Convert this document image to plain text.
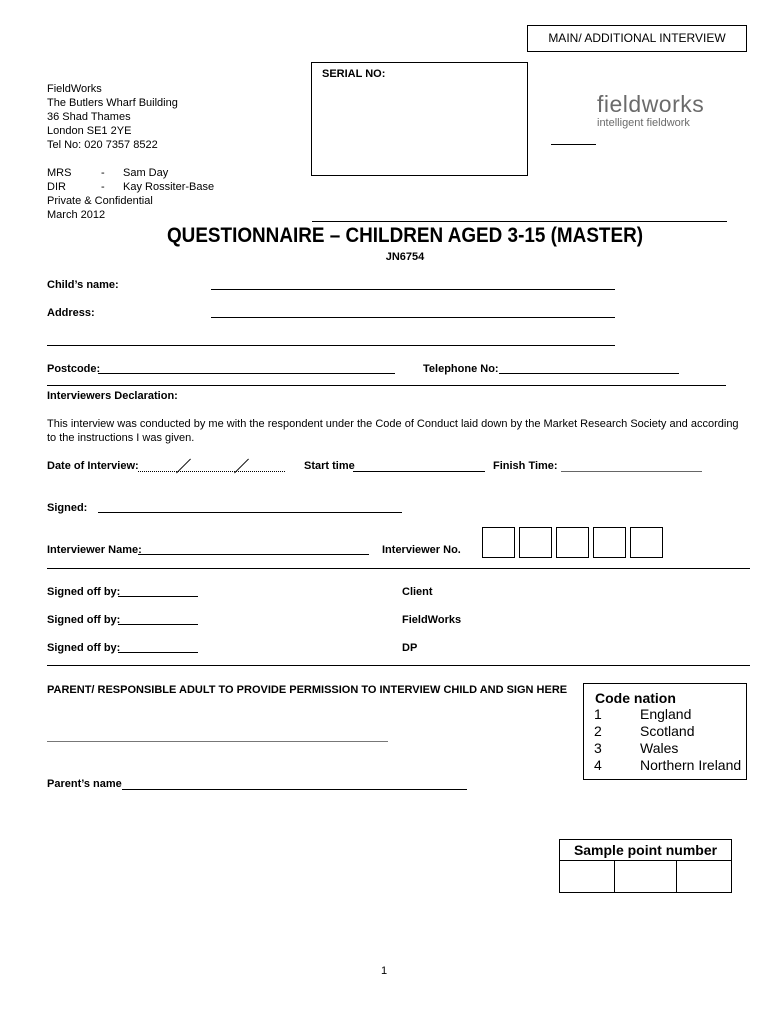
MAIN/ ADDITIONAL INTERVIEW
FieldWorks
The Butlers Wharf Building
36 Shad Thames
London SE1 2YE
Tel No: 020 7357 8522
MRS	- Sam Day
DIR	- Kay Rossiter-Base
Private & Confidential
March 2012
SERIAL NO:
fieldworks
intelligent fieldwork
QUESTIONNAIRE – CHILDREN AGED 3-15 (MASTER)
JN6754
Child’s name:
Address:
Postcode:	Telephone No:
Interviewers Declaration:
This interview was conducted by me with the respondent under the Code of Conduct laid down by the Market Research Society and according
to the instructions I was given.
Date of Interview:	Start time	Finish Time:
Signed:
Interviewer Name:	Interviewer No.
Signed off by:	Client
Signed off by:	FieldWorks
Signed off by:	DP
PARENT/ RESPONSIBLE ADULT TO PROVIDE PERMISSION TO INTERVIEW CHILD AND SIGN HERE
Parent’s name
Code nation
1	England
2	Scotland
3	Wales
4	Northern Ireland
Sample point number
1
